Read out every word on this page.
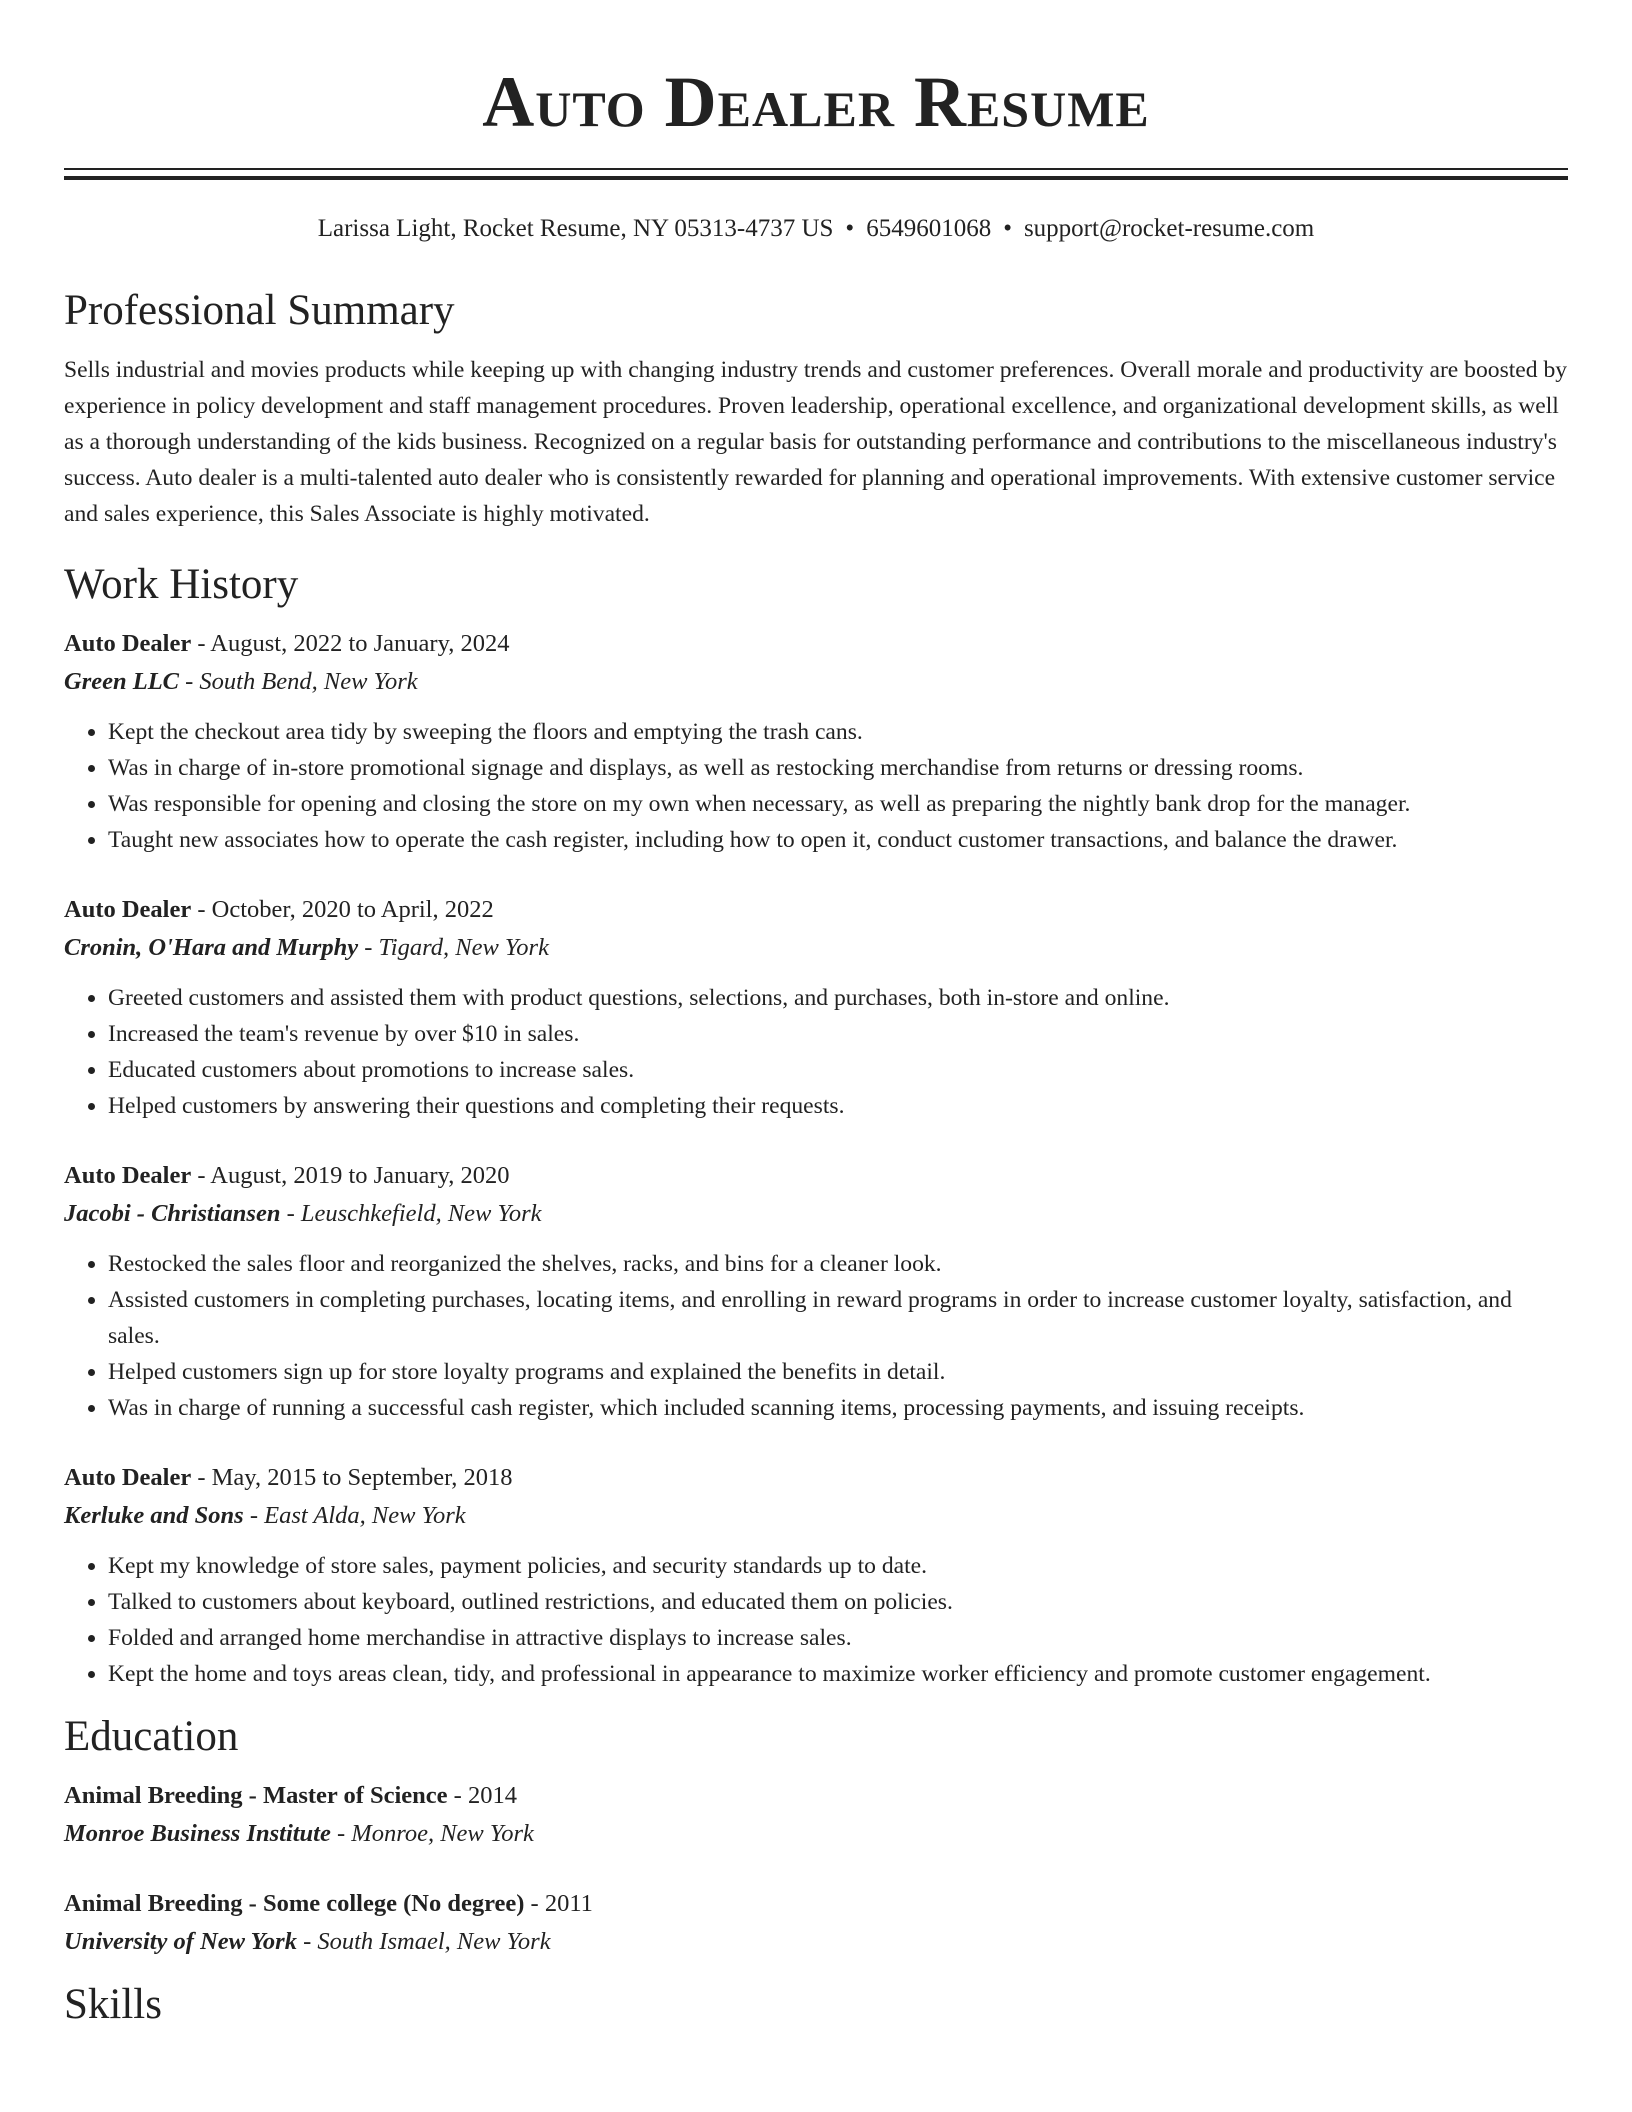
Auto Dealer Resume
Larissa Light, Rocket Resume, NY 05313-4737 US • 6549601068 • support@rocket-resume.com
Professional Summary

Sells industrial and movies products while keeping up with changing industry trends and customer preferences. Overall morale and productivity are boosted by experience in policy development and staff management procedures. Proven leadership, operational excellence, and organizational development skills, as well as a thorough understanding of the kids business. Recognized on a regular basis for outstanding performance and contributions to the miscellaneous industry's success. Auto dealer is a multi-talented auto dealer who is consistently rewarded for planning and operational improvements. With extensive customer service and sales experience, this Sales Associate is highly motivated.

Work History
Auto Dealer - August, 2022 to January, 2024
Green LLC - South Bend, New York
• Kept the checkout area tidy by sweeping the floors and emptying the trash cans.
• Was in charge of in-store promotional signage and displays, as well as restocking merchandise from returns or dressing rooms.
• Was responsible for opening and closing the store on my own when necessary, as well as preparing the nightly bank drop for the manager.
• Taught new associates how to operate the cash register, including how to open it, conduct customer transactions, and balance the drawer.
Auto Dealer - October, 2020 to April, 2022
Cronin, O'Hara and Murphy - Tigard, New York
• Greeted customers and assisted them with product questions, selections, and purchases, both in-store and online.
• Increased the team's revenue by over $10 in sales.
• Educated customers about promotions to increase sales.
• Helped customers by answering their questions and completing their requests.
Auto Dealer - August, 2019 to January, 2020
Jacobi - Christiansen - Leuschkefield, New York
• Restocked the sales floor and reorganized the shelves, racks, and bins for a cleaner look.
• Assisted customers in completing purchases, locating items, and enrolling in reward programs in order to increase customer loyalty, satisfaction, and sales.
• Helped customers sign up for store loyalty programs and explained the benefits in detail.
• Was in charge of running a successful cash register, which included scanning items, processing payments, and issuing receipts.
Auto Dealer - May, 2015 to September, 2018
Kerluke and Sons - East Alda, New York
• Kept my knowledge of store sales, payment policies, and security standards up to date.
• Talked to customers about keyboard, outlined restrictions, and educated them on policies.
• Folded and arranged home merchandise in attractive displays to increase sales.
• Kept the home and toys areas clean, tidy, and professional in appearance to maximize worker efficiency and promote customer engagement.
Education
Animal Breeding - Master of Science - 2014
Monroe Business Institute - Monroe, New York
Animal Breeding - Some college (No degree) - 2011
University of New York - South Ismael, New York
Skills
